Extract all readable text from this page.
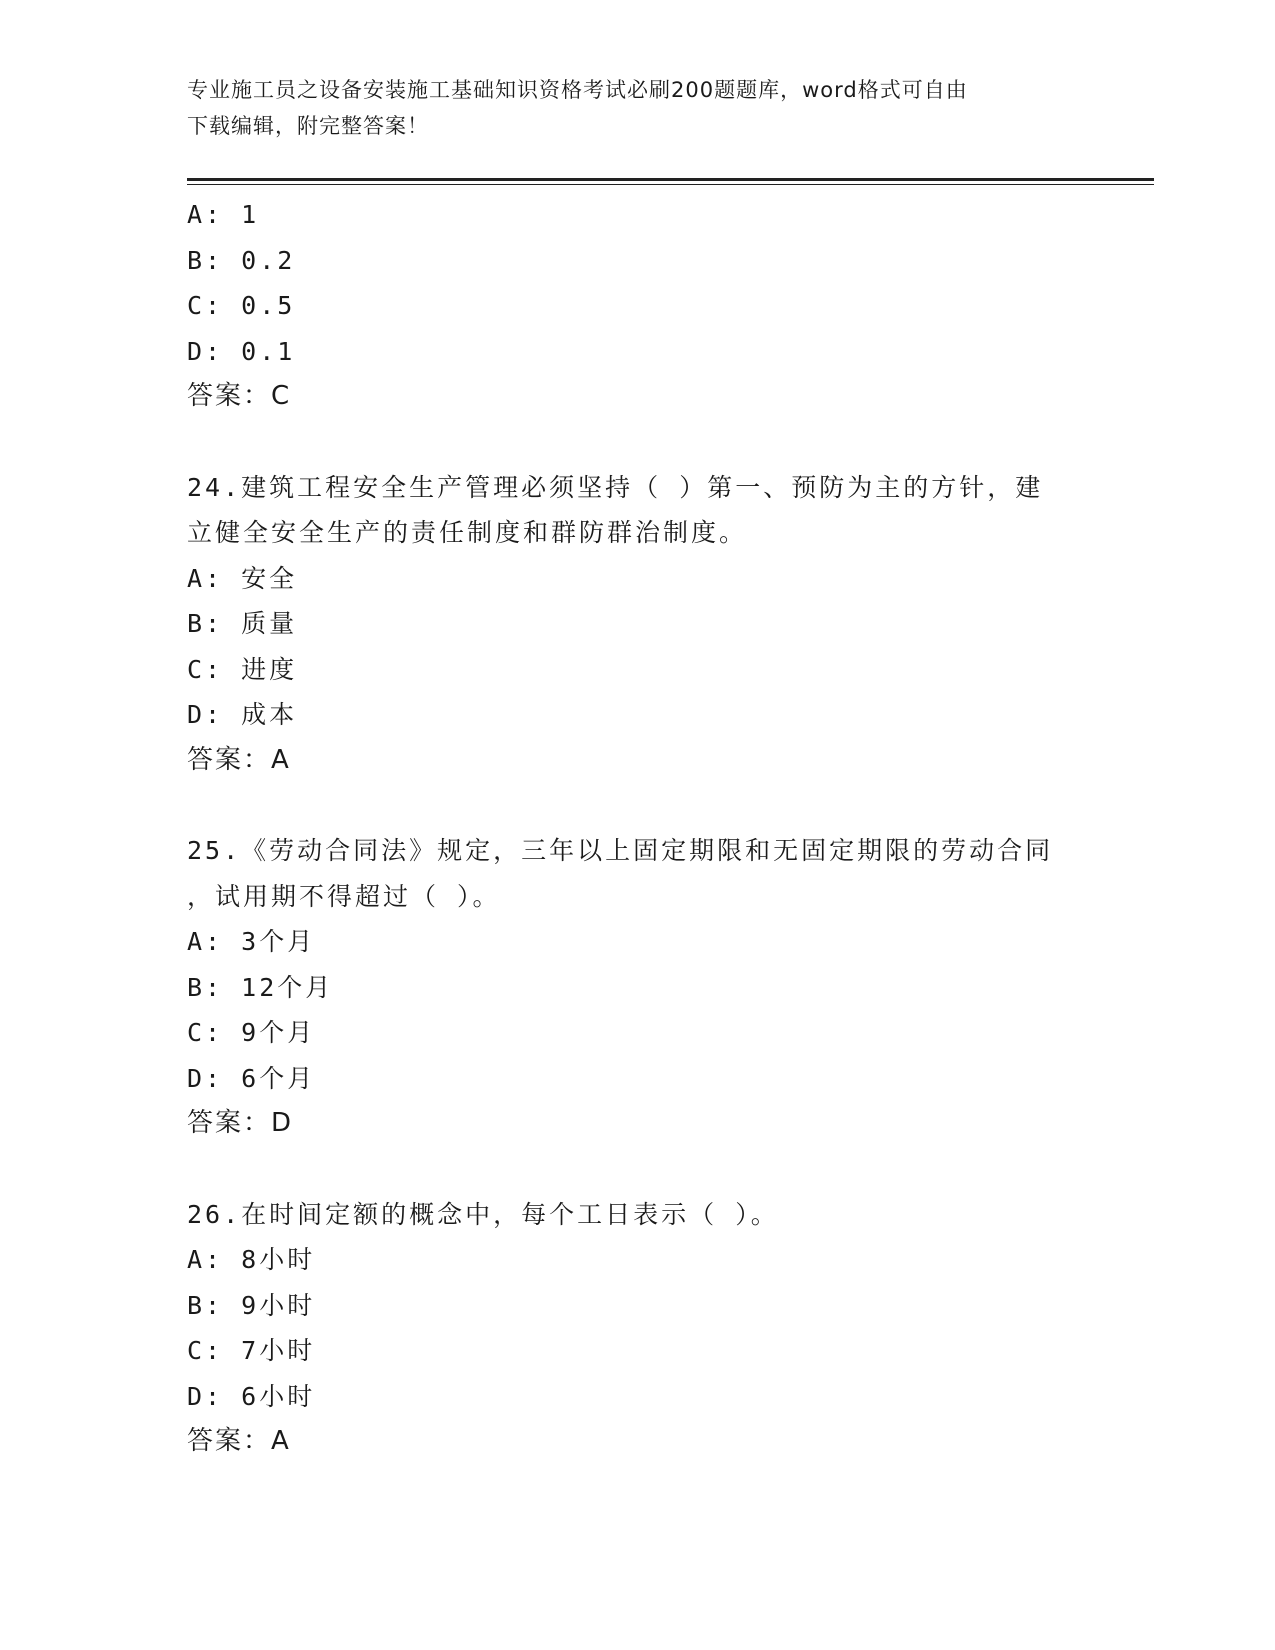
专业施工员之设备安装施工基础知识资格考试必刷200题题库，word格式可自由
下载编辑，附完整答案！
A: 1
B: 0.2
C: 0.5
D: 0.1
答案：C
24.建筑工程安全生产管理必须坚持（ ）第一、预防为主的方针，建
立健全安全生产的责任制度和群防群治制度。
A: 安全
B: 质量
C: 进度
D: 成本
答案：A
25.《劳动合同法》规定，三年以上固定期限和无固定期限的劳动合同
，试用期不得超过（ ）。
A: 3个月
B: 12个月
C: 9个月
D: 6个月
答案：D
26.在时间定额的概念中，每个工日表示（ ）。
A: 8小时
B: 9小时
C: 7小时
D: 6小时
答案：A
